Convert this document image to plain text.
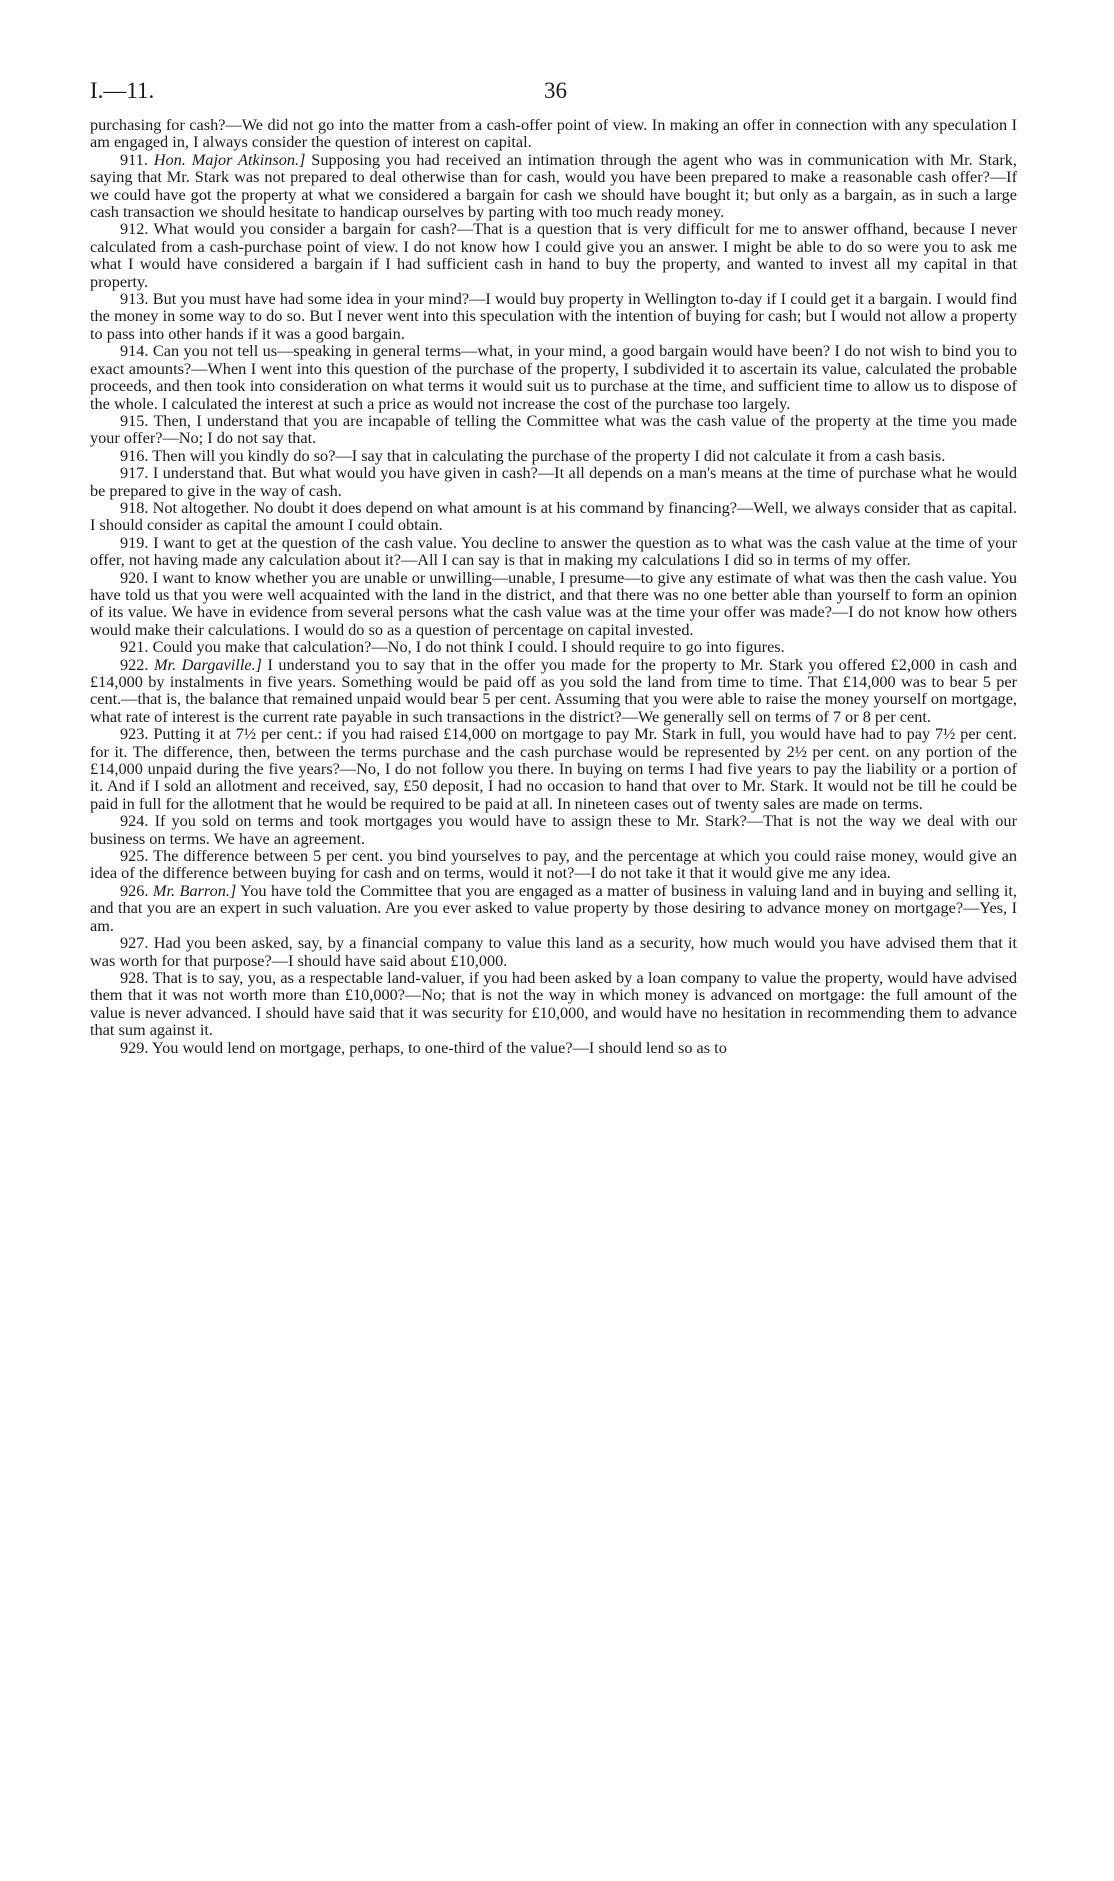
I.—11.	36

purchasing for cash?—We did not go into the matter from a cash-offer point of view. In making an offer in connection with any speculation I am engaged in, I always consider the question of interest on capital.

911. Hon. Major Atkinson.] Supposing you had received an intimation through the agent who was in communication with Mr. Stark, saying that Mr. Stark was not prepared to deal otherwise than for cash, would you have been prepared to make a reasonable cash offer?—If we could have got the property at what we considered a bargain for cash we should have bought it; but only as a bargain, as in such a large cash transaction we should hesitate to handicap ourselves by parting with too much ready money.

912. What would you consider a bargain for cash?—That is a question that is very difficult for me to answer offhand, because I never calculated from a cash-purchase point of view. I do not know how I could give you an answer. I might be able to do so were you to ask me what I would have considered a bargain if I had sufficient cash in hand to buy the property, and wanted to invest all my capital in that property.

913. But you must have had some idea in your mind?—I would buy property in Wellington to-day if I could get it a bargain. I would find the money in some way to do so. But I never went into this speculation with the intention of buying for cash; but I would not allow a property to pass into other hands if it was a good bargain.

914. Can you not tell us—speaking in general terms—what, in your mind, a good bargain would have been? I do not wish to bind you to exact amounts?—When I went into this question of the purchase of the property, I subdivided it to ascertain its value, calculated the probable proceeds, and then took into consideration on what terms it would suit us to purchase at the time, and sufficient time to allow us to dispose of the whole. I calculated the interest at such a price as would not increase the cost of the purchase too largely.

915. Then, I understand that you are incapable of telling the Committee what was the cash value of the property at the time you made your offer?—No; I do not say that.

916. Then will you kindly do so?—I say that in calculating the purchase of the property I did not calculate it from a cash basis.

917. I understand that. But what would you have given in cash?—It all depends on a man's means at the time of purchase what he would be prepared to give in the way of cash.

918. Not altogether. No doubt it does depend on what amount is at his command by financing?—Well, we always consider that as capital. I should consider as capital the amount I could obtain.

919. I want to get at the question of the cash value. You decline to answer the question as to what was the cash value at the time of your offer, not having made any calculation about it?—All I can say is that in making my calculations I did so in terms of my offer.

920. I want to know whether you are unable or unwilling—unable, I presume—to give any estimate of what was then the cash value. You have told us that you were well acquainted with the land in the district, and that there was no one better able than yourself to form an opinion of its value. We have in evidence from several persons what the cash value was at the time your offer was made?—I do not know how others would make their calculations. I would do so as a question of percentage on capital invested.

921. Could you make that calculation?—No, I do not think I could. I should require to go into figures.

922. Mr. Dargaville.] I understand you to say that in the offer you made for the property to Mr. Stark you offered £2,000 in cash and £14,000 by instalments in five years. Something would be paid off as you sold the land from time to time. That £14,000 was to bear 5 per cent.—that is, the balance that remained unpaid would bear 5 per cent. Assuming that you were able to raise the money yourself on mortgage, what rate of interest is the current rate payable in such transactions in the district?—We generally sell on terms of 7 or 8 per cent.

923. Putting it at 7½ per cent.: if you had raised £14,000 on mortgage to pay Mr. Stark in full, you would have had to pay 7½ per cent. for it. The difference, then, between the terms purchase and the cash purchase would be represented by 2½ per cent. on any portion of the £14,000 unpaid during the five years?—No, I do not follow you there. In buying on terms I had five years to pay the liability or a portion of it. And if I sold an allotment and received, say, £50 deposit, I had no occasion to hand that over to Mr. Stark. It would not be till he could be paid in full for the allotment that he would be required to be paid at all. In nineteen cases out of twenty sales are made on terms.

924. If you sold on terms and took mortgages you would have to assign these to Mr. Stark?—That is not the way we deal with our business on terms. We have an agreement.

925. The difference between 5 per cent. you bind yourselves to pay, and the percentage at which you could raise money, would give an idea of the difference between buying for cash and on terms, would it not?—I do not take it that it would give me any idea.

926. Mr. Barron.] You have told the Committee that you are engaged as a matter of business in valuing land and in buying and selling it, and that you are an expert in such valuation. Are you ever asked to value property by those desiring to advance money on mortgage?—Yes, I am.

927. Had you been asked, say, by a financial company to value this land as a security, how much would you have advised them that it was worth for that purpose?—I should have said about £10,000.

928. That is to say, you, as a respectable land-valuer, if you had been asked by a loan company to value the property, would have advised them that it was not worth more than £10,000?—No; that is not the way in which money is advanced on mortgage: the full amount of the value is never advanced. I should have said that it was security for £10,000, and would have no hesitation in recommending them to advance that sum against it.

929. You would lend on mortgage, perhaps, to one-third of the value?—I should lend so as to
